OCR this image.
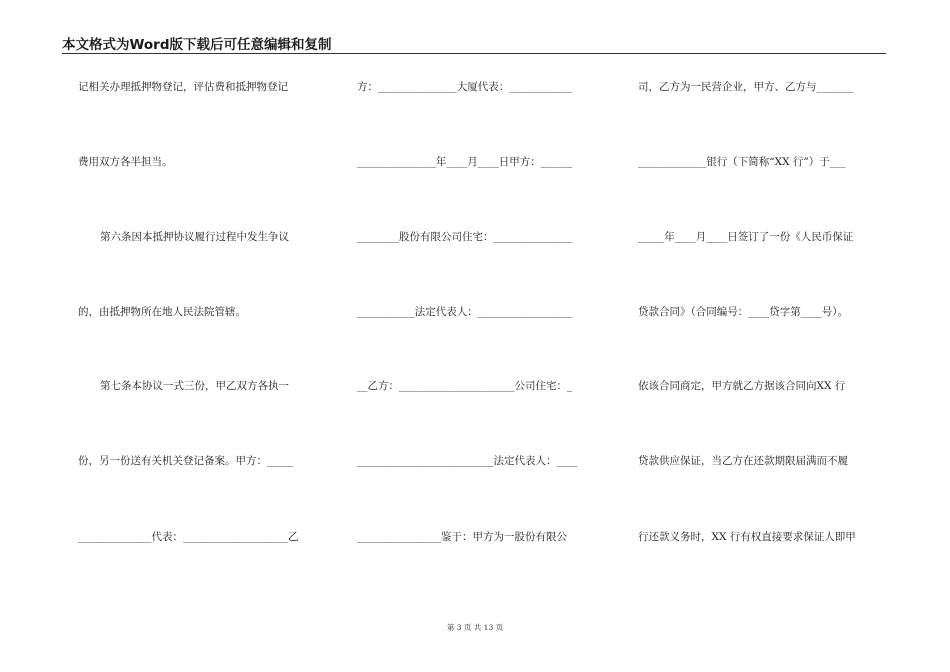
本文格式为Word版下载后可任意编辑和复制
记相关办理抵押物登记，评估费和抵押物登记
费用双方各半担当。
第六条因本抵押协议履行过程中发生争议
的，由抵押物所在地人民法院管辖。
第七条本协议一式三份，甲乙双方各执一
份，另一份送有关机关登记备案。甲方：_____
______________代表：____________________乙
方：_______________大厦代表：____________
_______________年____月____日甲方：______
________股份有限公司住宅：_______________
___________法定代表人：__________________
__乙方：______________________公司住宅：_
__________________________法定代表人：____
________________鉴于：甲方为一股份有限公
司，乙方为一民营企业，甲方、乙方与_______
_____________银行（下简称“XX 行”）于___
_____年____月____日签订了一份《人民币保证
贷款合同》（合同编号：____贷字第____号）。
依该合同商定，甲方就乙方据该合同向XX 行
贷款供应保证，当乙方在还款期限届满而不履
行还款义务时，XX 行有权直接要求保证人即甲
第 3 页 共 13 页
